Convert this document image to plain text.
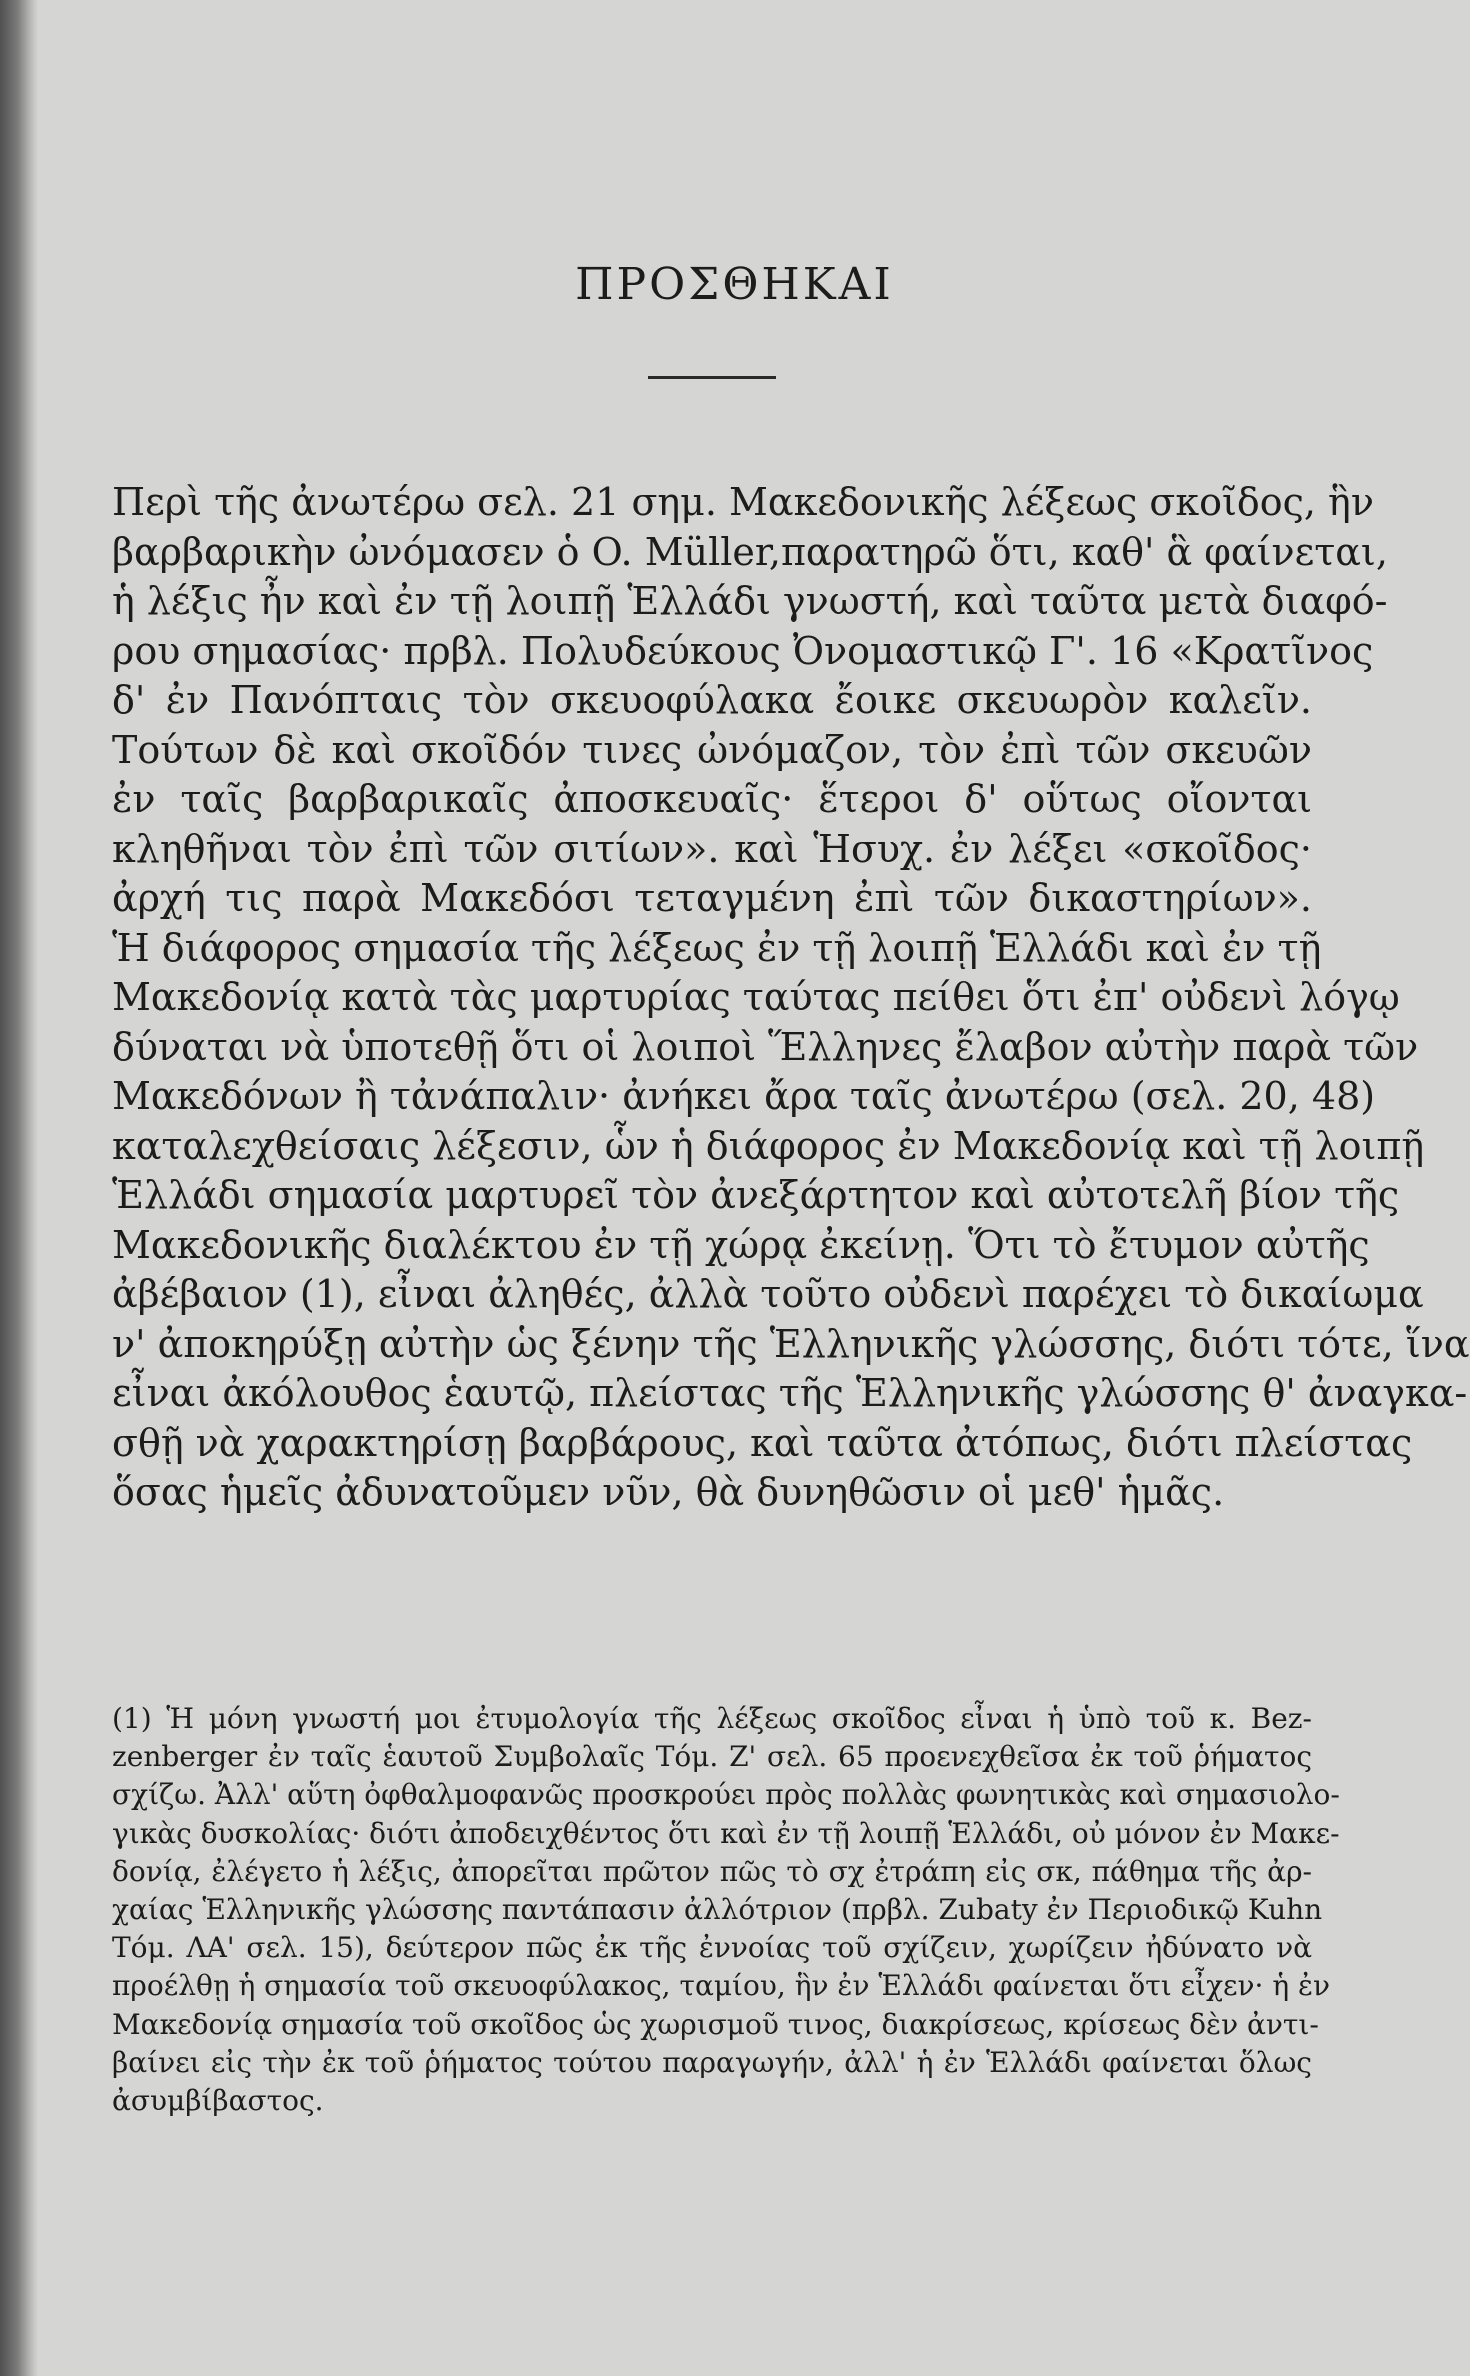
ΠΡΟΣΘΗΚΑΙ
Περὶ τῆς ἀνωτέρω σελ. 21 σημ. Μακεδονικῆς λέξεως σκοῖδος, ἣν
βαρβαρικὴν ὠνόμασεν ὁ O. Müller,παρατηρῶ ὅτι, καθ' ἃ φαίνεται,
ἡ λέξις ἦν καὶ ἐν τῇ λοιπῇ Ἑλλάδι γνωστή, καὶ ταῦτα μετὰ διαφό-
ρου σημασίας· πρβλ. Πολυδεύκους Ὀνομαστικῷ Γ'. 16 «Κρατῖνος
δ' ἐν Πανόπταις τὸν σκευοφύλακα ἔοικε σκευωρὸν καλεῖν.
Τούτων δὲ καὶ σκοῖδόν τινες ὠνόμαζον, τὸν ἐπὶ τῶν σκευῶν
ἐν ταῖς βαρβαρικαῖς ἀποσκευαῖς· ἕτεροι δ' οὕτως οἴονται
κληθῆναι τὸν ἐπὶ τῶν σιτίων». καὶ Ἡσυχ. ἐν λέξει «σκοῖδος·
ἀρχή τις παρὰ Μακεδόσι τεταγμένη ἐπὶ τῶν δικαστηρίων».
Ἡ διάφορος σημασία τῆς λέξεως ἐν τῇ λοιπῇ Ἑλλάδι καὶ ἐν τῇ
Μακεδονίᾳ κατὰ τὰς μαρτυρίας ταύτας πείθει ὅτι ἐπ' οὐδενὶ λόγῳ
δύναται νὰ ὑποτεθῇ ὅτι οἱ λοιποὶ Ἕλληνες ἔλαβον αὐτὴν παρὰ τῶν
Μακεδόνων ἢ τἀνάπαλιν· ἀνήκει ἄρα ταῖς ἀνωτέρω (σελ. 20, 48)
καταλεχθείσαις λέξεσιν, ὧν ἡ διάφορος ἐν Μακεδονίᾳ καὶ τῇ λοιπῇ
Ἑλλάδι σημασία μαρτυρεῖ τὸν ἀνεξάρτητον καὶ αὐτοτελῆ βίον τῆς
Μακεδονικῆς διαλέκτου ἐν τῇ χώρᾳ ἐκείνῃ. Ὅτι τὸ ἔτυμον αὐτῆς
ἀβέβαιον (1), εἶναι ἀληθές, ἀλλὰ τοῦτο οὐδενὶ παρέχει τὸ δικαίωμα
ν' ἀποκηρύξῃ αὐτὴν ὡς ξένην τῆς Ἑλληνικῆς γλώσσης, διότι τότε, ἵνα
εἶναι ἀκόλουθος ἑαυτῷ, πλείστας τῆς Ἑλληνικῆς γλώσσης θ' ἀναγκα-
σθῇ νὰ χαρακτηρίσῃ βαρβάρους, καὶ ταῦτα ἀτόπως, διότι πλείστας
ὅσας ἡμεῖς ἀδυνατοῦμεν νῦν, θὰ δυνηθῶσιν οἱ μεθ' ἡμᾶς.
(1) Ἡ μόνη γνωστή μοι ἐτυμολογία τῆς λέξεως σκοῖδος εἶναι ἡ ὑπὸ τοῦ κ. Bez-
zenberger ἐν ταῖς ἑαυτοῦ Συμβολαῖς Τόμ. Ζ' σελ. 65 προενεχθεῖσα ἐκ τοῦ ῥήματος
σχίζω. Ἀλλ' αὕτη ὀφθαλμοφανῶς προσκρούει πρὸς πολλὰς φωνητικὰς καὶ σημασιολο-
γικὰς δυσκολίας· διότι ἀποδειχθέντος ὅτι καὶ ἐν τῇ λοιπῇ Ἑλλάδι, οὐ μόνον ἐν Μακε-
δονίᾳ, ἐλέγετο ἡ λέξις, ἀπορεῖται πρῶτον πῶς τὸ σχ ἐτράπη εἰς σκ, πάθημα τῆς ἀρ-
χαίας Ἑλληνικῆς γλώσσης παντάπασιν ἀλλότριον (πρβλ. Zubaty ἐν Περιοδικῷ Kuhn
Τόμ. ΛΑ' σελ. 15), δεύτερον πῶς ἐκ τῆς ἐννοίας τοῦ σχίζειν, χωρίζειν ἠδύνατο νὰ
προέλθῃ ἡ σημασία τοῦ σκευοφύλακος, ταμίου, ἣν ἐν Ἑλλάδι φαίνεται ὅτι εἶχεν· ἡ ἐν
Μακεδονίᾳ σημασία τοῦ σκοῖδος ὡς χωρισμοῦ τινος, διακρίσεως, κρίσεως δὲν ἀντι-
βαίνει εἰς τὴν ἐκ τοῦ ῥήματος τούτου παραγωγήν, ἀλλ' ἡ ἐν Ἑλλάδι φαίνεται ὅλως
ἀσυμβίβαστος.
